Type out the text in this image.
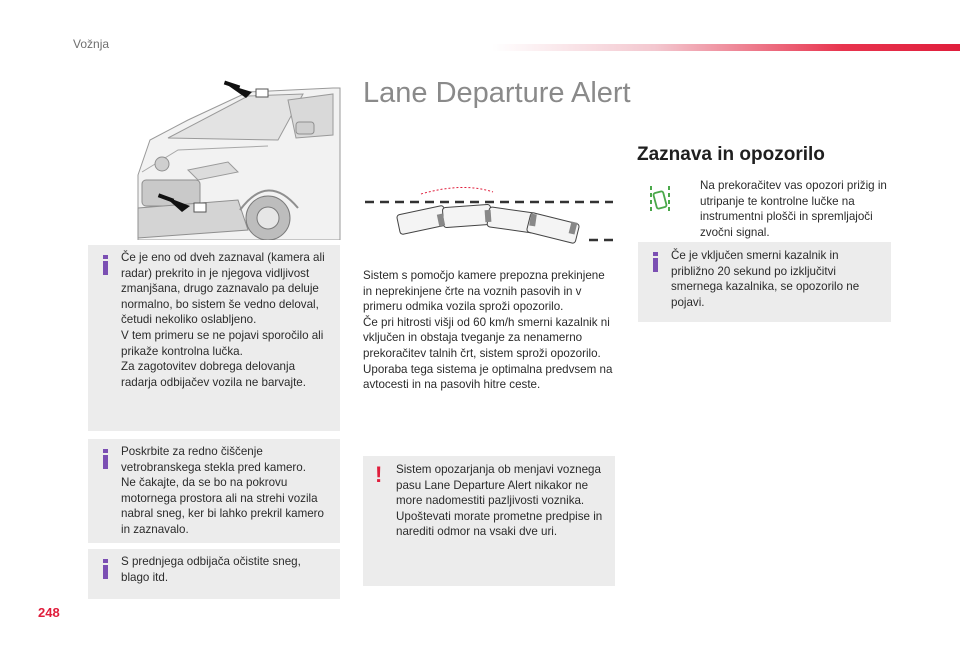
Vožnja
Če je eno od dveh zaznaval (kamera ali radar) prekrito in je njegova vidljivost zmanjšana, drugo zaznavalo pa deluje normalno, bo sistem še vedno deloval, četudi nekoliko oslabljeno.
V tem primeru se ne pojavi sporočilo ali prikaže kontrolna lučka.
Za zagotovitev dobrega delovanja radarja odbijačev vozila ne barvajte.
Poskrbite za redno čiščenje vetrobranskega stekla pred kamero.
Ne čakajte, da se bo na pokrovu motornega prostora ali na strehi vozila nabral sneg, ker bi lahko prekril kamero in zaznavalo.
S prednjega odbijača očistite sneg, blago itd.
Lane Departure Alert
Sistem s pomočjo kamere prepozna prekinjene in neprekinjene črte na voznih pasovih in v primeru odmika vozila sproži opozorilo.
Če pri hitrosti višji od 60 km/h smerni kazalnik ni vključen in obstaja tveganje za nenamerno prekoračitev talnih črt, sistem sproži opozorilo.
Uporaba tega sistema je optimalna predvsem na avtocesti in na pasovih hitre ceste.
! Sistem opozarjanja ob menjavi voznega pasu Lane Departure Alert nikakor ne more nadomestiti pazljivosti voznika.
Upoštevati morate prometne predpise in narediti odmor na vsaki dve uri.
Zaznava in opozorilo
Na prekoračitev vas opozori prižig in utripanje te kontrolne lučke na instrumentni plošči in spremljajoči zvočni signal.
Če je vključen smerni kazalnik in približno 20 sekund po izključitvi smernega kazalnika, se opozorilo ne pojavi.
248
